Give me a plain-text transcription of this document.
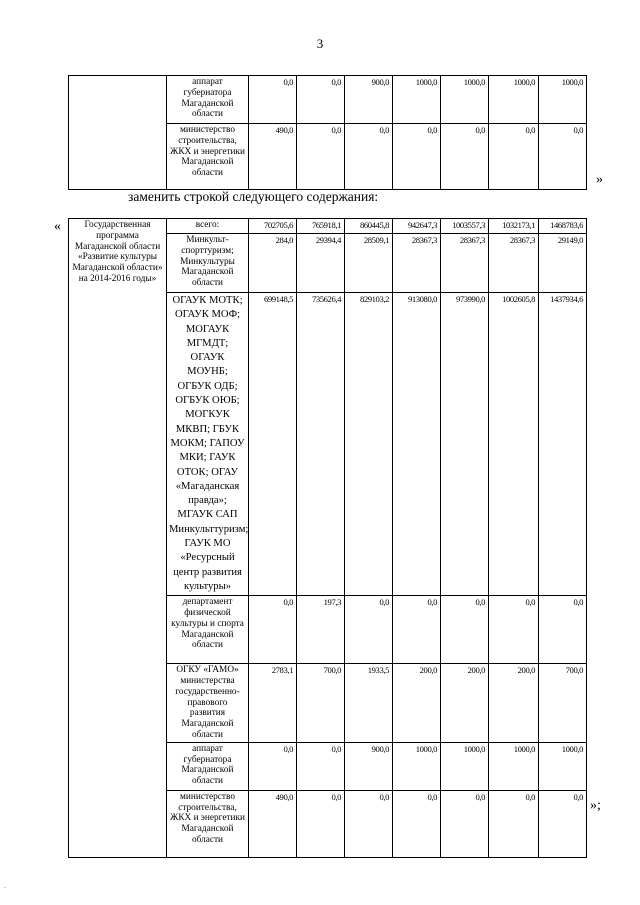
3
	аппарат губернатора Магаданской области	0,0	0,0	900,0	1000,0	1000,0	1000,0	1000,0
	министерство строительства, ЖКХ и энергетики Магаданской области	490,0	0,0	0,0	0,0	0,0	0,0	0,0
»
заменить строкой следующего содержания:
«	Государственная программа Магаданской области «Развитие культуры Магаданской области» на 2014-2016 годы»	всего:	702705,6	765918,1	860445,8	942647,3	1003557,3	1032173,1	1468783,6
	Минкульт-спорттуризм; Минкультуры Магаданской области	284,0	29394,4	28509,1	28367,3	28367,3	28367,3	29149,0
	ОГАУК МОТК; ОГАУК МОФ; МОГАУК МГМДТ; ОГАУК МОУНБ; ОГБУК ОДБ; ОГБУК ОЮБ; МОГКУК МКВП; ГБУК МОКМ; ГАПОУ МКИ; ГАУК ОТОК; ОГАУ «Магаданская правда»; МГАУК САП Минкульттуризм; ГАУК МО «Ресурсный центр развития культуры»	699148,5	735626,4	829103,2	913080,0	973990,0	1002605,8	1437934,6
	департамент физической культуры и спорта Магаданской области	0,0	197,3	0,0	0,0	0,0	0,0	0,0
	ОГКУ «ГАМО» министерства государственно-правового развития Магаданской области	2783,1	700,0	1933,5	200,0	200,0	200,0	700,0
	аппарат губернатора Магаданской области	0,0	0,0	900,0	1000,0	1000,0	1000,0	1000,0
	министерство строительства, ЖКХ и энергетики Магаданской области	490,0	0,0	0,0	0,0	0,0	0,0	0,0
»;
.
